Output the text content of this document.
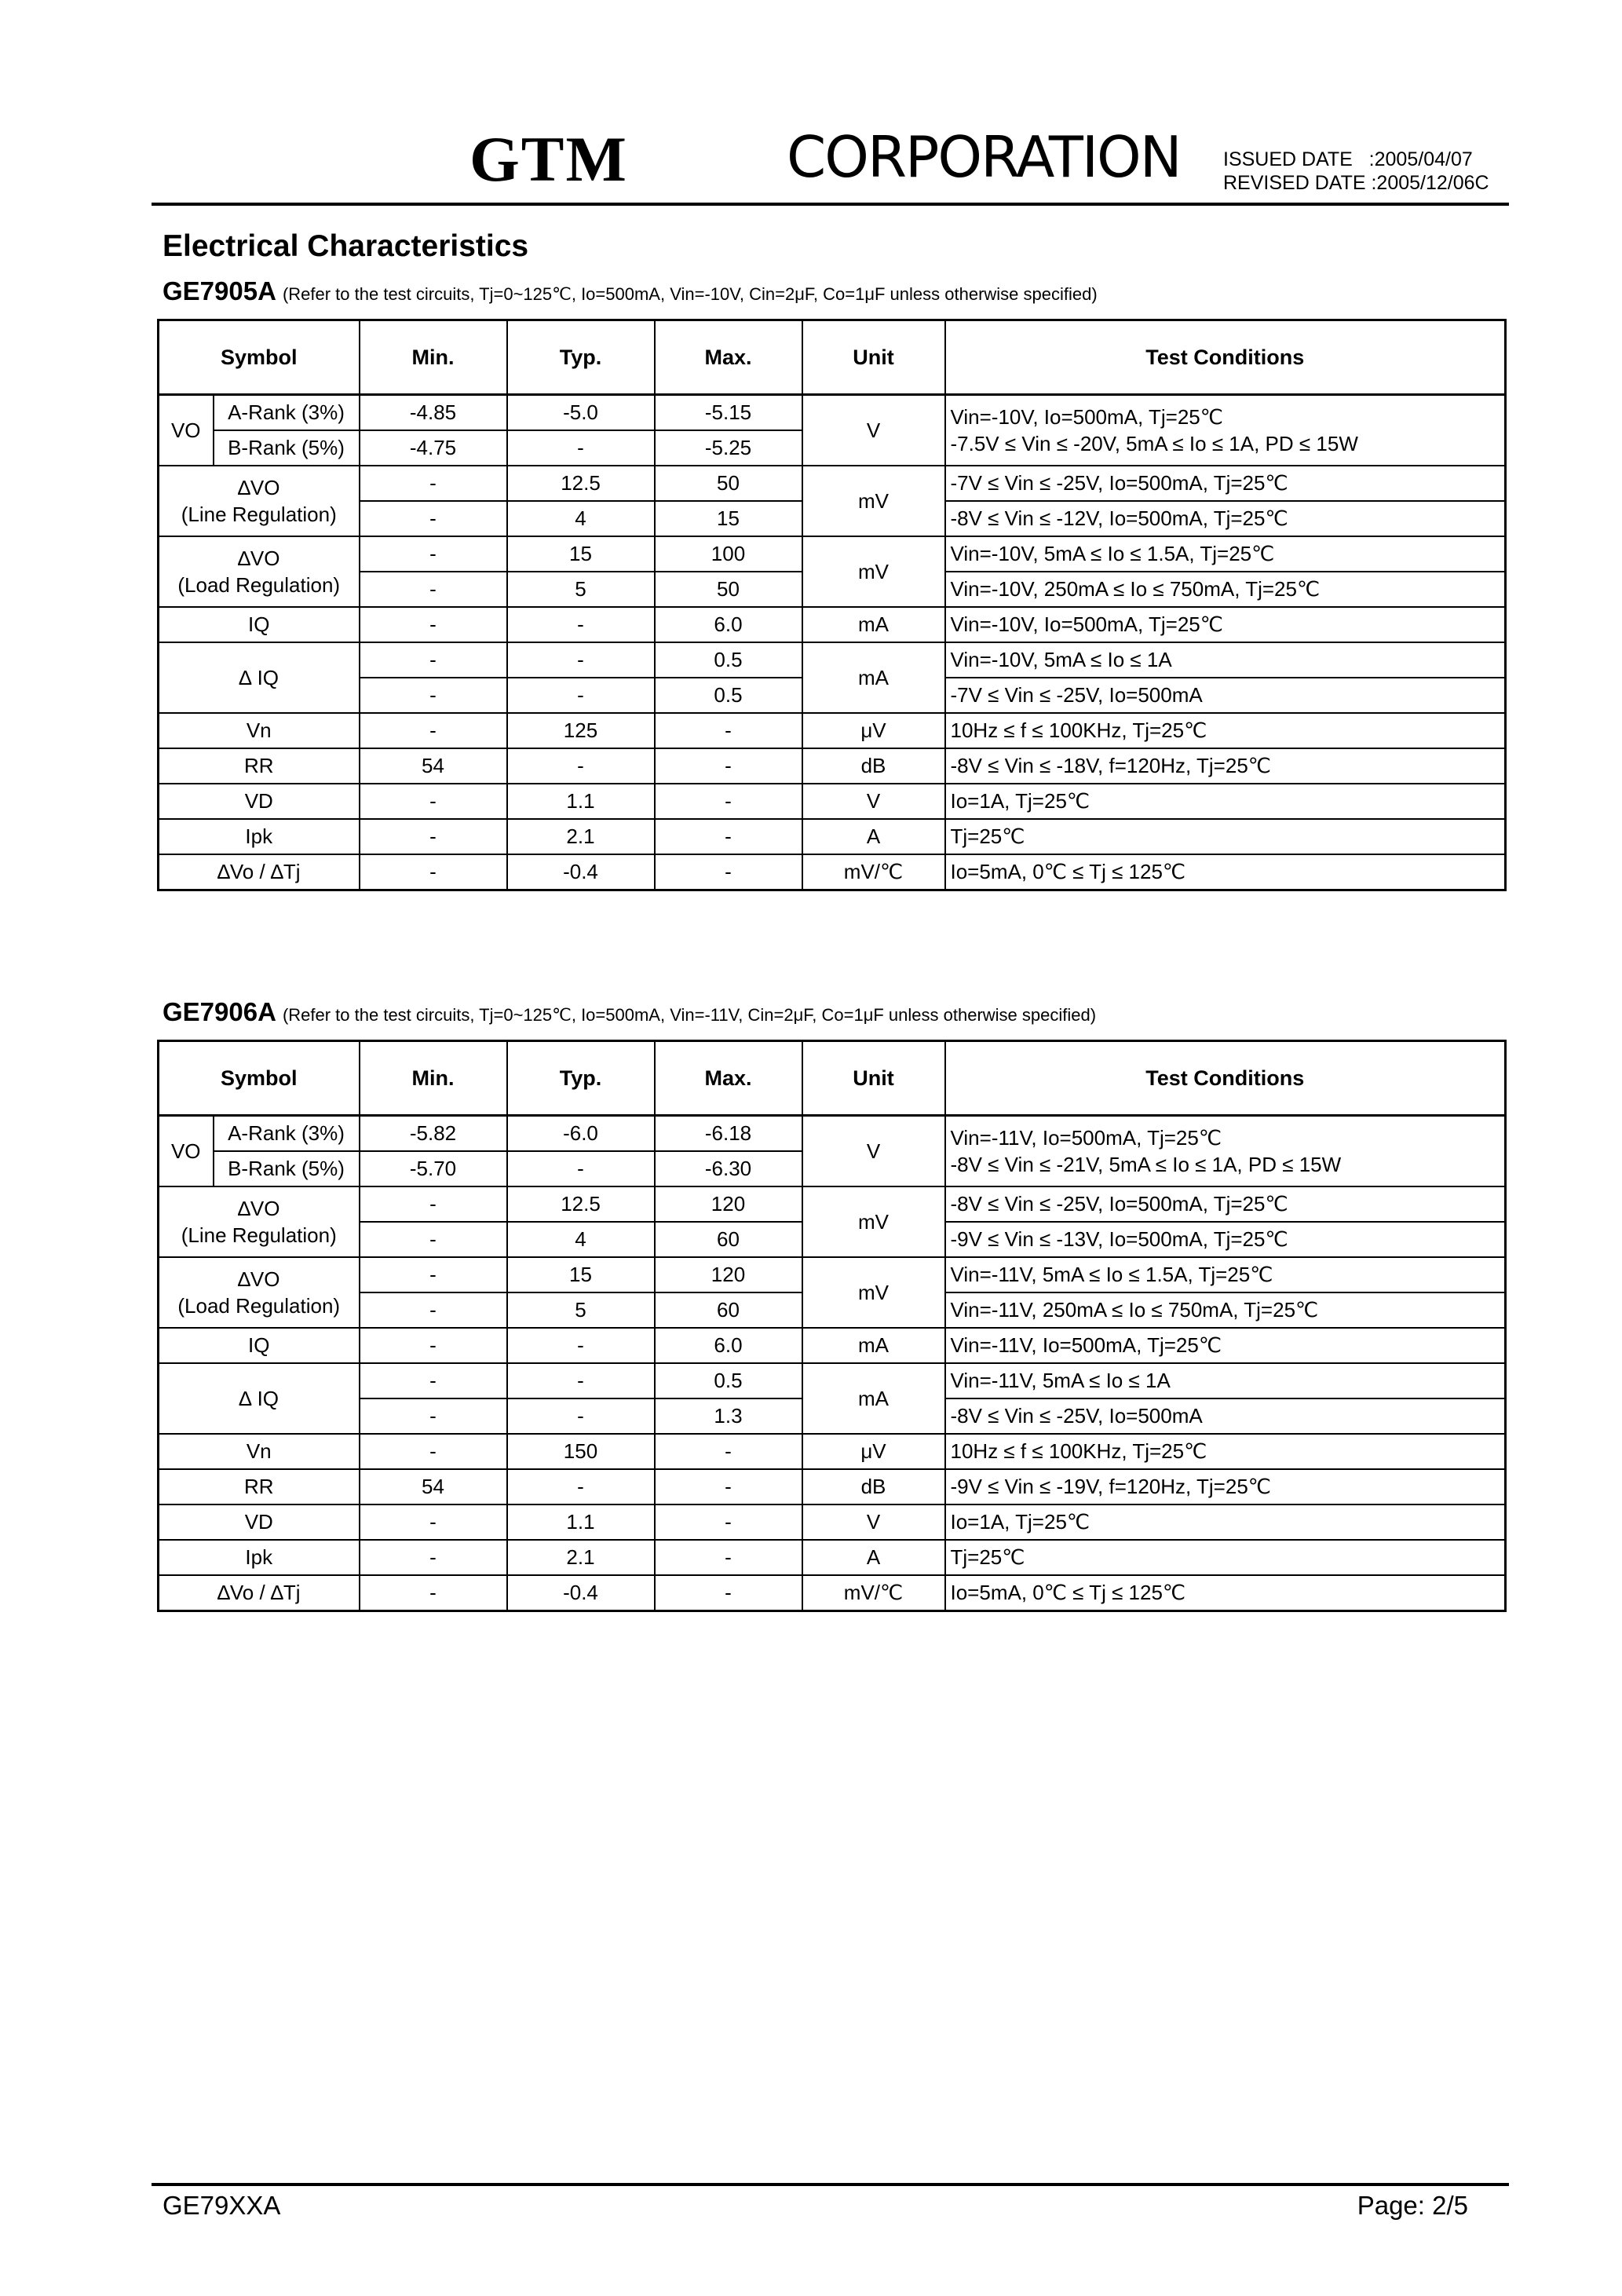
GTM	CORPORATION ISSUED DATE   :2005/04/07
REVISED DATE :2005/12/06C
Electrical Characteristics
GE7905A (Refer to the test circuits, Tj=0~125℃, Io=500mA, Vin=-10V, Cin=2μF, Co=1μF unless otherwise specified)
Symbol		Min.	Typ.	Max.	Unit	Test Conditions
VO	A-Rank (3%)	-4.85	-5.0	-5.15	V	Vin=-10V, Io=500mA, Tj=25℃
-7.5V ≤ Vin ≤ -20V, 5mA ≤ Io ≤ 1A, PD ≤ 15W

	B-Rank (5%)	-4.75	-	-5.25		

∆VO
(Line Regulation)		-	12.5	50	mV	-7V ≤ Vin ≤ -25V, Io=500mA, Tj=25℃
		-	4	15		-8V ≤ Vin ≤ -12V, Io=500mA, Tj=25℃

∆VO
(Load Regulation)		-	15	100	mV	Vin=-10V, 5mA ≤ Io ≤ 1.5A, Tj=25℃
		-	5	50		Vin=-10V, 250mA ≤ Io ≤ 750mA, Tj=25℃
IQ		-	-	6.0	mA	Vin=-10V, Io=500mA, Tj=25℃
∆ IQ		-	-	0.5	mA	Vin=-10V, 5mA ≤ Io ≤ 1A
		-	-	0.5		-7V ≤ Vin ≤ -25V, Io=500mA
Vn		-	125	-	μV	10Hz ≤ f ≤ 100KHz, Tj=25℃
RR		54	-	-	dB	-8V ≤ Vin ≤ -18V, f=120Hz, Tj=25℃
VD		-	1.1	-	V	Io=1A, Tj=25℃
Ipk		-	2.1	-	A	Tj=25℃
∆Vo / ∆Tj		-	-0.4	-	mV/℃	Io=5mA, 0℃ ≤ Tj ≤ 125℃
GE7906A (Refer to the test circuits, Tj=0~125℃, Io=500mA, Vin=-11V, Cin=2μF, Co=1μF unless otherwise specified)
Symbol		Min.	Typ.	Max.	Unit	Test Conditions
VO	A-Rank (3%)	-5.82	-6.0	-6.18	V	Vin=-11V, Io=500mA, Tj=25℃
-8V ≤ Vin ≤ -21V, 5mA ≤ Io ≤ 1A, PD ≤ 15W

	B-Rank (5%)	-5.70	-	-6.30		

∆VO
(Line Regulation)		-	12.5	120	mV	-8V ≤ Vin ≤ -25V, Io=500mA, Tj=25℃
		-	4	60		-9V ≤ Vin ≤ -13V, Io=500mA, Tj=25℃

∆VO
(Load Regulation)		-	15	120	mV	Vin=-11V, 5mA ≤ Io ≤ 1.5A, Tj=25℃
		-	5	60		Vin=-11V, 250mA ≤ Io ≤ 750mA, Tj=25℃
IQ		-	-	6.0	mA	Vin=-11V, Io=500mA, Tj=25℃
∆ IQ		-	-	0.5	mA	Vin=-11V, 5mA ≤ Io ≤ 1A
		-	-	1.3		-8V ≤ Vin ≤ -25V, Io=500mA
Vn		-	150	-	μV	10Hz ≤ f ≤ 100KHz, Tj=25℃
RR		54	-	-	dB	-9V ≤ Vin ≤ -19V, f=120Hz, Tj=25℃
VD		-	1.1	-	V	Io=1A, Tj=25℃
Ipk		-	2.1	-	A	Tj=25℃
∆Vo / ∆Tj		-	-0.4	-	mV/℃	Io=5mA, 0℃ ≤ Tj ≤ 125℃
GE79XXA	Page: 2/5
